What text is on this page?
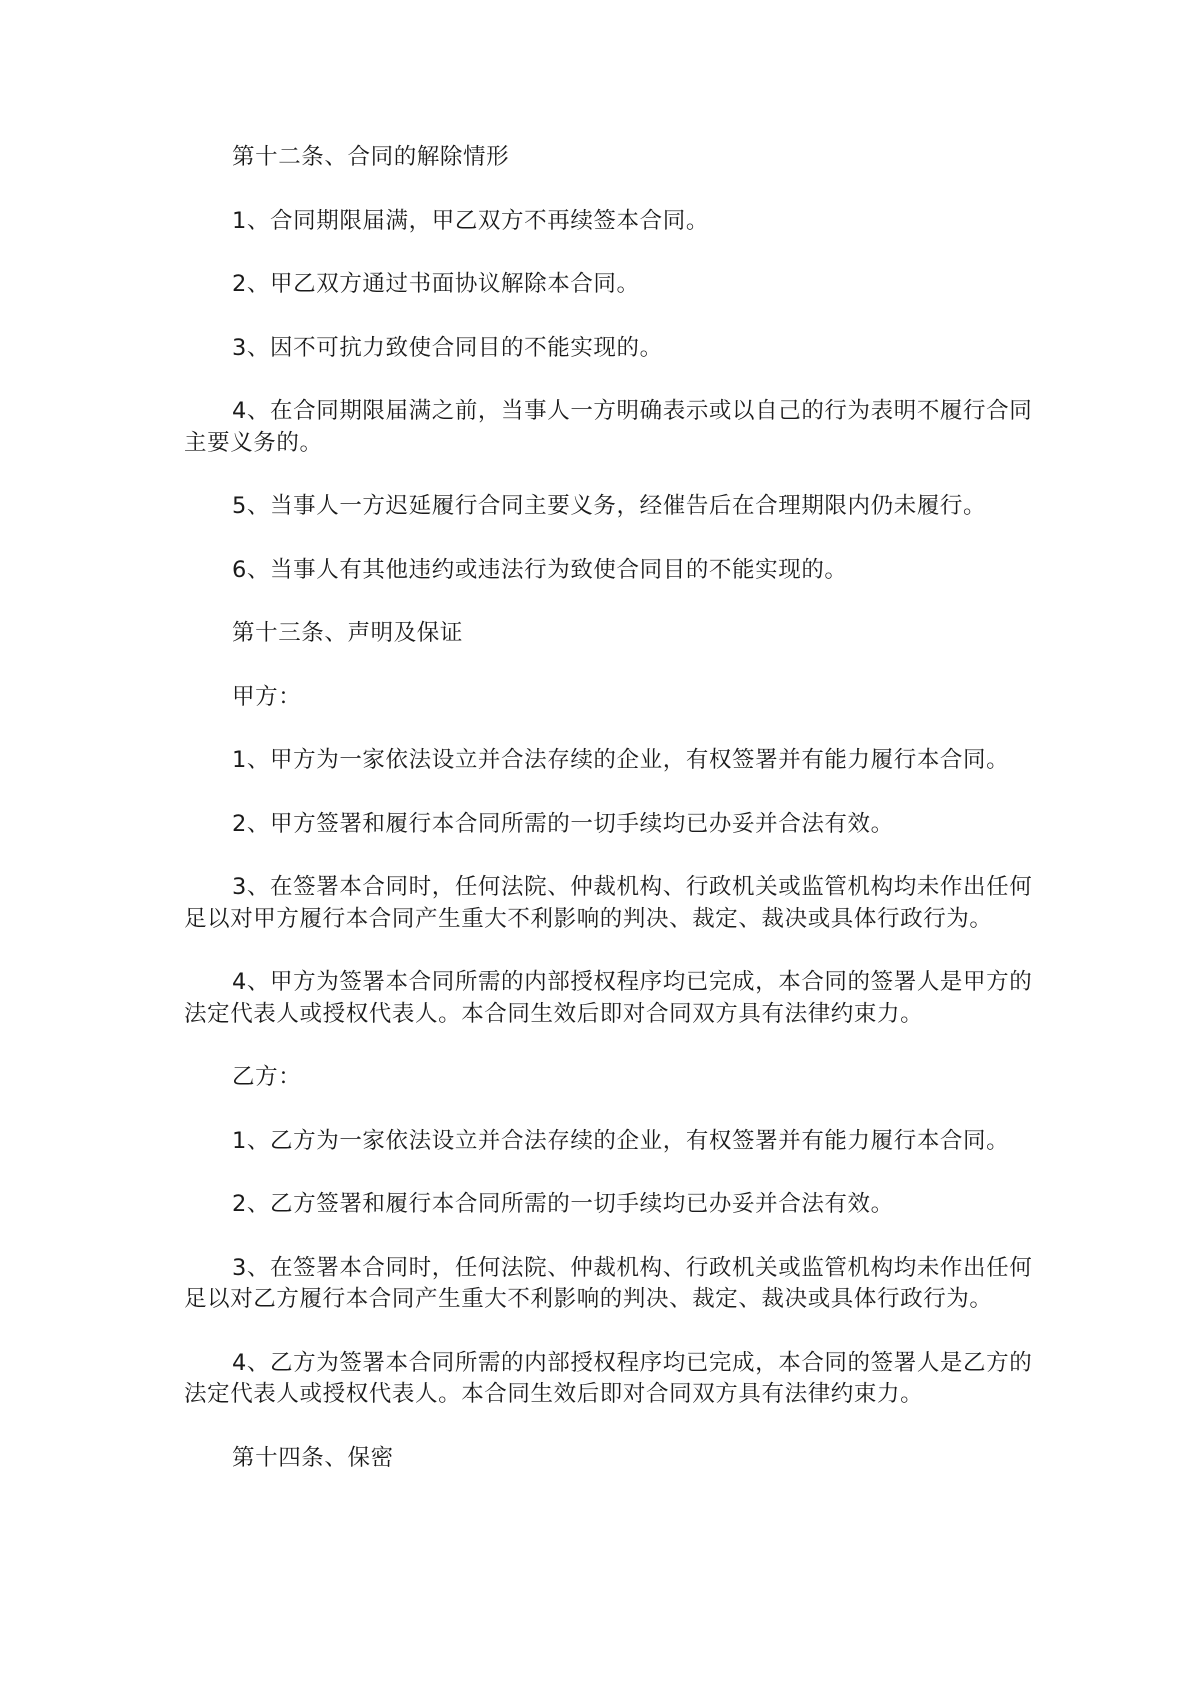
第十二条、合同的解除情形

1、合同期限届满，甲乙双方不再续签本合同。

2、甲乙双方通过书面协议解除本合同。

3、因不可抗力致使合同目的不能实现的。

4、在合同期限届满之前，当事人一方明确表示或以自己的行为表明不履行合同主要义务的。

5、当事人一方迟延履行合同主要义务，经催告后在合理期限内仍未履行。

6、当事人有其他违约或违法行为致使合同目的不能实现的。

第十三条、声明及保证

甲方：

1、甲方为一家依法设立并合法存续的企业，有权签署并有能力履行本合同。

2、甲方签署和履行本合同所需的一切手续均已办妥并合法有效。

3、在签署本合同时，任何法院、仲裁机构、行政机关或监管机构均未作出任何足以对甲方履行本合同产生重大不利影响的判决、裁定、裁决或具体行政行为。

4、甲方为签署本合同所需的内部授权程序均已完成，本合同的签署人是甲方的法定代表人或授权代表人。本合同生效后即对合同双方具有法律约束力。

乙方：

1、乙方为一家依法设立并合法存续的企业，有权签署并有能力履行本合同。

2、乙方签署和履行本合同所需的一切手续均已办妥并合法有效。

3、在签署本合同时，任何法院、仲裁机构、行政机关或监管机构均未作出任何足以对乙方履行本合同产生重大不利影响的判决、裁定、裁决或具体行政行为。

4、乙方为签署本合同所需的内部授权程序均已完成，本合同的签署人是乙方的法定代表人或授权代表人。本合同生效后即对合同双方具有法律约束力。

第十四条、保密
